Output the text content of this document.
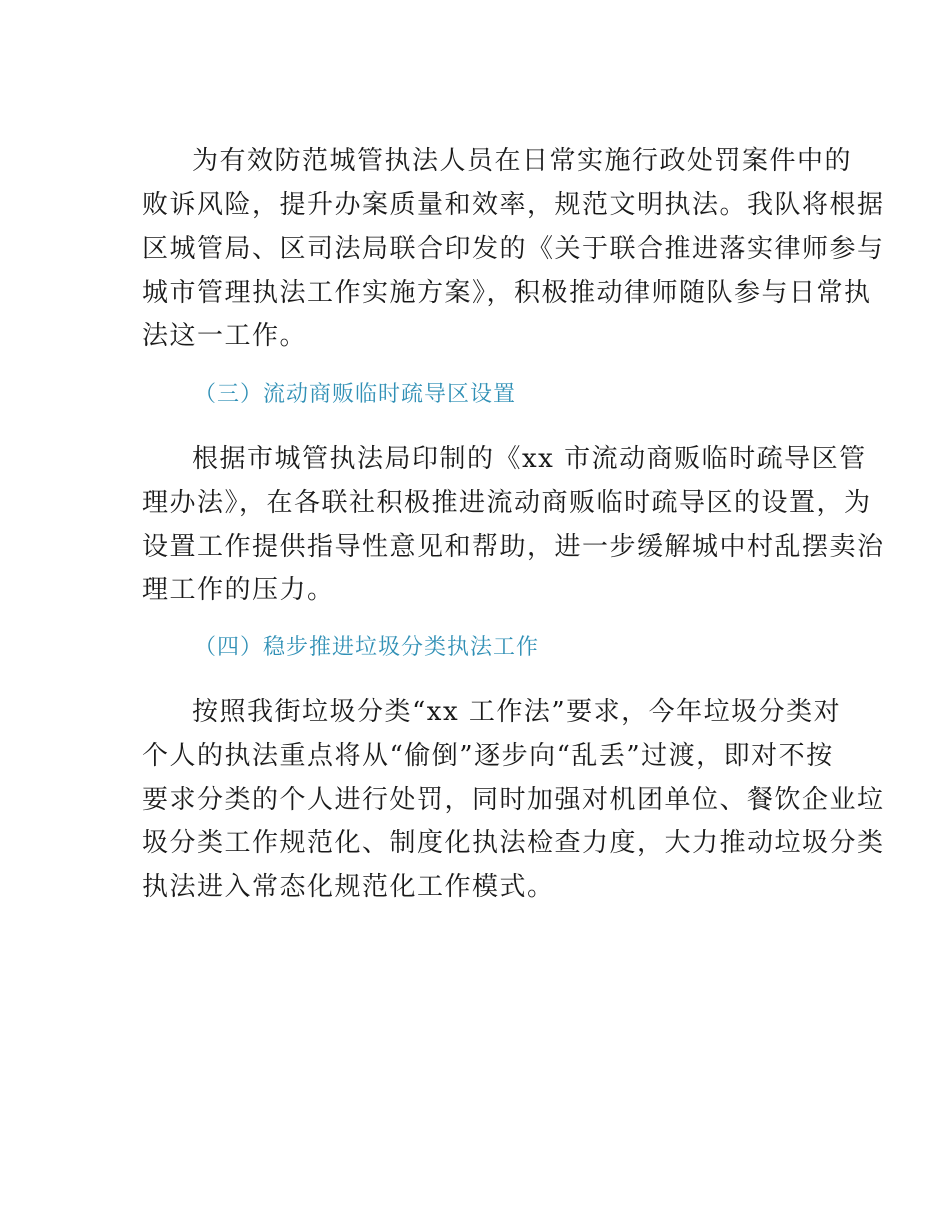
为有效防范城管执法人员在日常实施行政处罚案件中的
败诉风险，提升办案质量和效率，规范文明执法。我队将根据
区城管局、区司法局联合印发的《关于联合推进落实律师参与
城市管理执法工作实施方案》，积极推动律师随队参与日常执
法这一工作。
（三）流动商贩临时疏导区设置
根据市城管执法局印制的《xx 市流动商贩临时疏导区管
理办法》，在各联社积极推进流动商贩临时疏导区的设置，为
设置工作提供指导性意见和帮助，进一步缓解城中村乱摆卖治
理工作的压力。
（四）稳步推进垃圾分类执法工作
按照我街垃圾分类“xx 工作法”要求，今年垃圾分类对
个人的执法重点将从“偷倒”逐步向“乱丢”过渡，即对不按
要求分类的个人进行处罚，同时加强对机团单位、餐饮企业垃
圾分类工作规范化、制度化执法检查力度，大力推动垃圾分类
执法进入常态化规范化工作模式。
